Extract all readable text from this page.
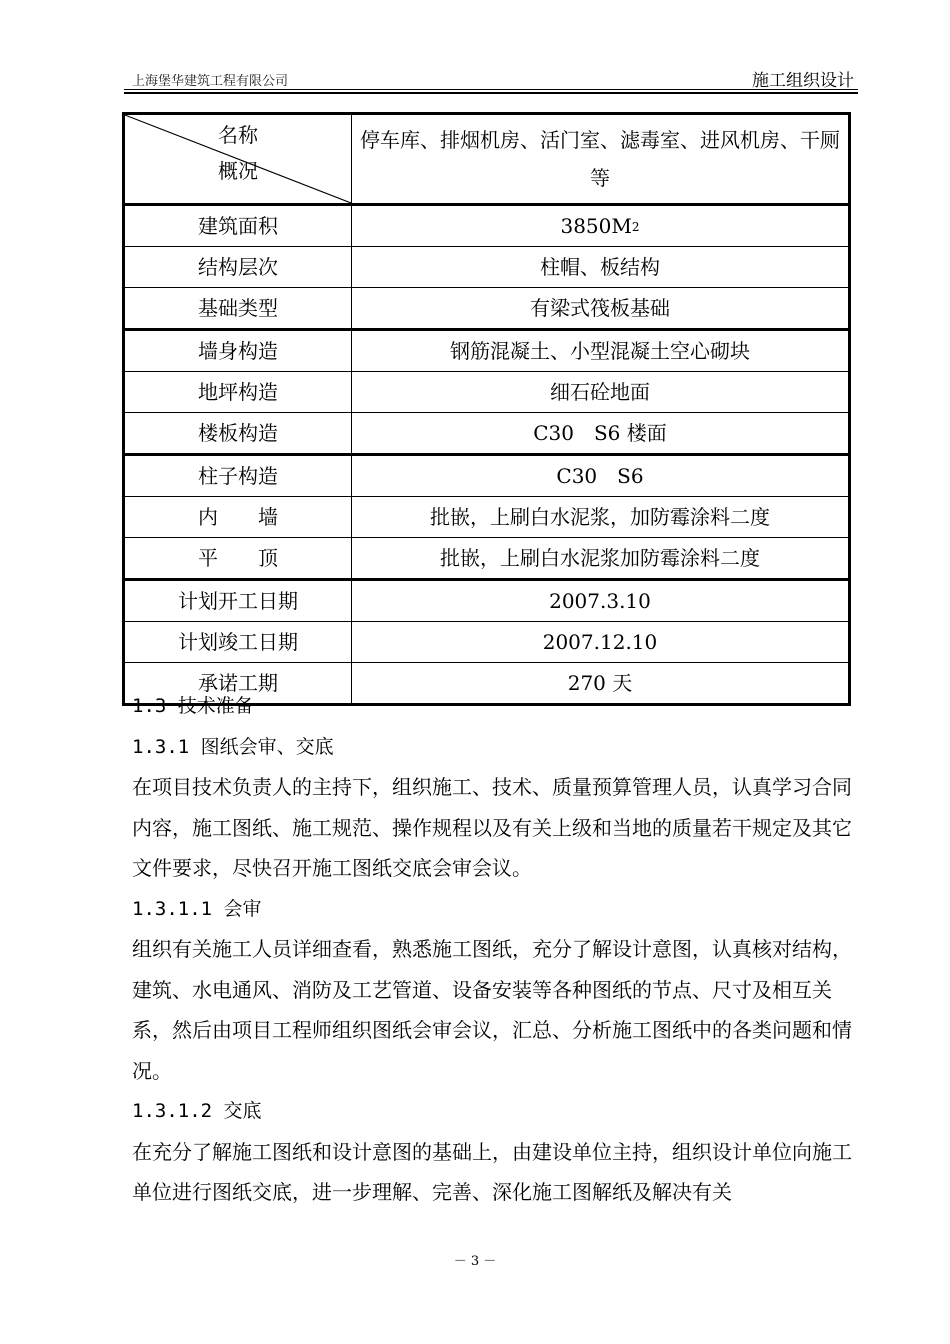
上海堡华建筑工程有限公司	施工组织设计
名称
概况	停车库、排烟机房、活门室、滤毒室、进风机房、干厕等

建筑面积	$3850M_2$
结构层次	柱帽、板结构
基础类型	有梁式筏板基础
墙身构造	钢筋混凝土、小型混凝土空心砌块
地坪构造	细石砼地面
楼板构造	C30　S6 楼面
柱子构造	C30　S6
内　　墙	批嵌，上刷白水泥浆，加防霉涂料二度
平　　顶	批嵌，上刷白水泥浆加防霉涂料二度
计划开工日期	2007.3.10
计划竣工日期	2007.12.10
承诺工期	270 天

1.3 技术准备

1.3.1 图纸会审、交底

在项目技术负责人的主持下，组织施工、技术、质量预算管理人员，认真学习合同内容，施工图纸、施工规范、操作规程以及有关上级和当地的质量若干规定及其它文件要求，尽快召开施工图纸交底会审会议。

1.3.1.1 会审

组织有关施工人员详细查看，熟悉施工图纸，充分了解设计意图，认真核对结构，建筑、水电通风、消防及工艺管道、设备安装等各种图纸的节点、尺寸及相互关系，然后由项目工程师组织图纸会审会议，汇总、分析施工图纸中的各类问题和情况。

1.3.1.2 交底

在充分了解施工图纸和设计意图的基础上，由建设单位主持，组织设计单位向施工单位进行图纸交底，进一步理解、完善、深化施工图解纸及解决有关

－ 3 －
